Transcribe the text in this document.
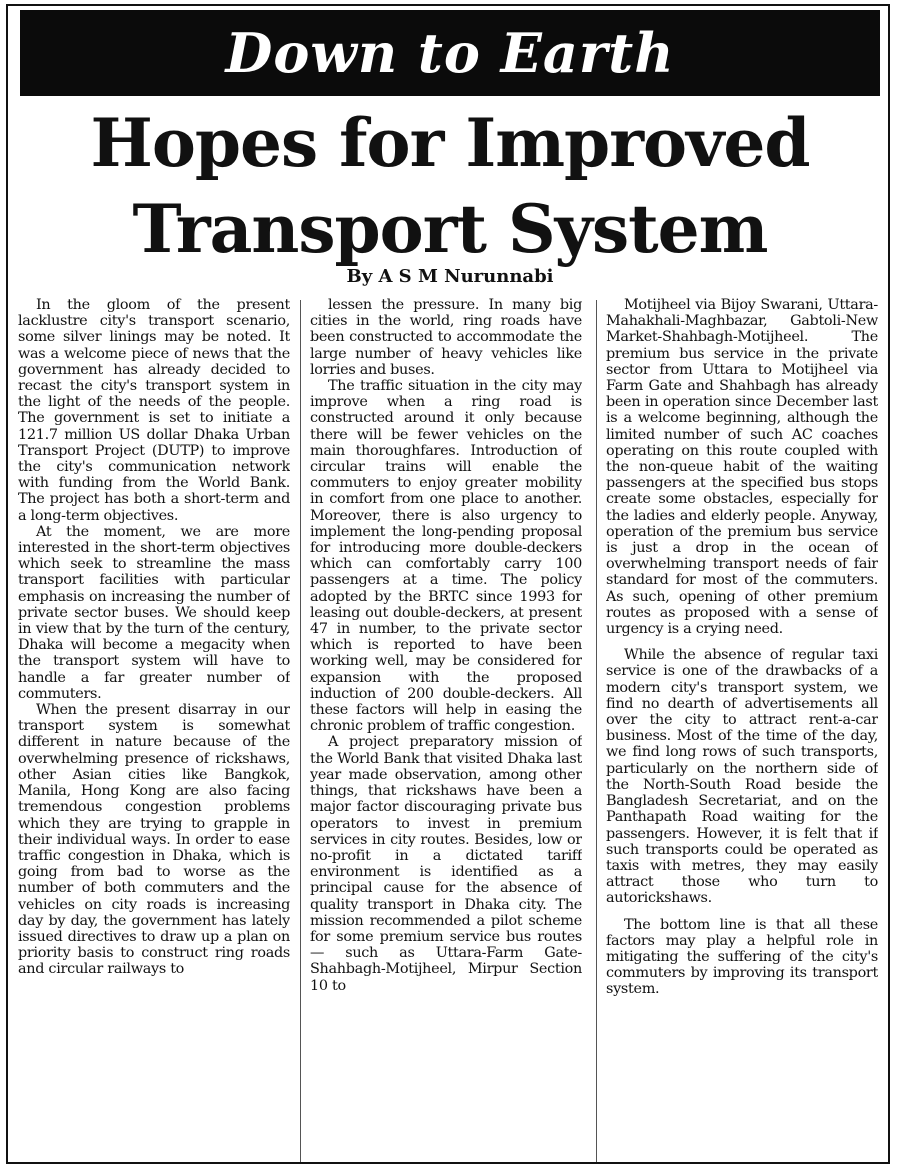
Down to Earth
Hopes for Improved
Transport System
By A S M Nurunnabi

In the gloom of the present lacklustre city's transport scenario, some silver linings may be noted. It was a welcome piece of news that the government has already decided to recast the city's transport system in the light of the needs of the people. The government is set to initiate a 121.7 million US dollar Dhaka Urban Transport Project (DUTP) to improve the city's communication network with funding from the World Bank. The project has both a short-term and a long-term objectives.

At the moment, we are more interested in the short-term objectives which seek to streamline the mass transport facilities with particular emphasis on increasing the number of private sector buses. We should keep in view that by the turn of the century, Dhaka will become a megacity when the transport system will have to handle a far greater number of commuters.

When the present disarray in our transport system is somewhat different in nature because of the overwhelming presence of rickshaws, other Asian cities like Bangkok, Manila, Hong Kong are also facing tremendous congestion problems which they are trying to grapple in their individual ways. In order to ease traffic congestion in Dhaka, which is going from bad to worse as the number of both commuters and the vehicles on city roads is increasing day by day, the government has lately issued directives to draw up a plan on priority basis to construct ring roads and circular railways to

lessen the pressure. In many big cities in the world, ring roads have been constructed to accommodate the large number of heavy vehicles like lorries and buses.

The traffic situation in the city may improve when a ring road is constructed around it only because there will be fewer vehicles on the main thoroughfares. Introduction of circular trains will enable the commuters to enjoy greater mobility in comfort from one place to another. Moreover, there is also urgency to implement the long-pending proposal for introducing more double-deckers which can comfortably carry 100 passengers at a time. The policy adopted by the BRTC since 1993 for leasing out double-deckers, at present 47 in number, to the private sector which is reported to have been working well, may be considered for expansion with the proposed induction of 200 double-deckers. All these factors will help in easing the chronic problem of traffic congestion.

A project preparatory mission of the World Bank that visited Dhaka last year made observation, among other things, that rickshaws have been a major factor discouraging private bus operators to invest in premium services in city routes. Besides, low or no-profit in a dictated tariff environment is identified as a principal cause for the absence of quality transport in Dhaka city. The mission recommended a pilot scheme for some premium service bus routes — such as Uttara-Farm Gate-Shahbagh-Motijheel, Mirpur Section 10 to

Motijheel via Bijoy Swarani, Uttara-Mahakhali-Maghbazar, Gabtoli-New Market-Shahbagh-Motijheel. The premium bus service in the private sector from Uttara to Motijheel via Farm Gate and Shahbagh has already been in operation since December last is a welcome beginning, although the limited number of such AC coaches operating on this route coupled with the non-queue habit of the waiting passengers at the specified bus stops create some obstacles, especially for the ladies and elderly people. Anyway, operation of the premium bus service is just a drop in the ocean of overwhelming transport needs of fair standard for most of the commuters. As such, opening of other premium routes as proposed with a sense of urgency is a crying need.

While the absence of regular taxi service is one of the drawbacks of a modern city's transport system, we find no dearth of advertisements all over the city to attract rent-a-car business. Most of the time of the day, we find long rows of such transports, particularly on the northern side of the North-South Road beside the Bangladesh Secretariat, and on the Panthapath Road waiting for the passengers. However, it is felt that if such transports could be operated as taxis with metres, they may easily attract those who turn to autorickshaws.

The bottom line is that all these factors may play a helpful role in mitigating the suffering of the city's commuters by improving its transport system.
